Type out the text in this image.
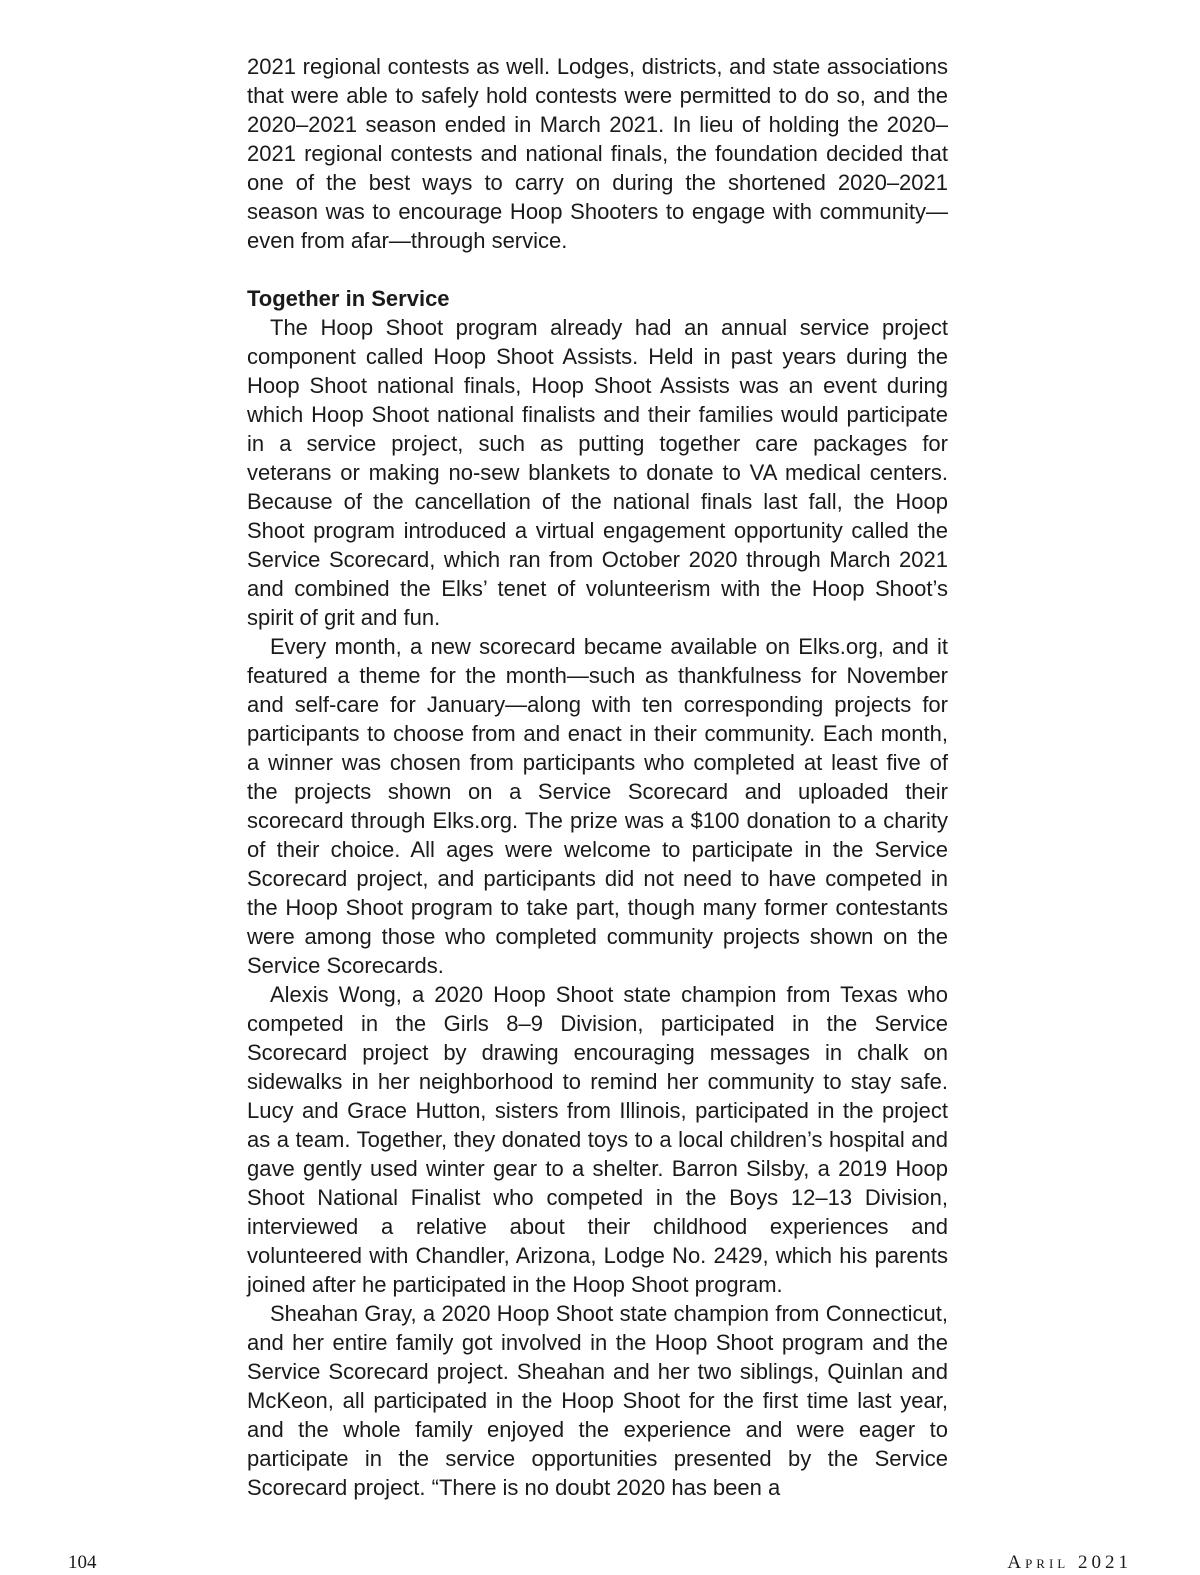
2021 regional contests as well. Lodges, districts, and state associations that were able to safely hold contests were permitted to do so, and the 2020–2021 season ended in March 2021. In lieu of holding the 2020–2021 regional contests and national finals, the foundation decided that one of the best ways to carry on during the shortened 2020–2021 season was to encourage Hoop Shooters to engage with community—even from afar—through service.

Together in Service

The Hoop Shoot program already had an annual service project component called Hoop Shoot Assists. Held in past years during the Hoop Shoot national finals, Hoop Shoot Assists was an event during which Hoop Shoot national finalists and their families would participate in a service project, such as putting together care packages for veterans or making no-sew blankets to donate to VA medical centers. Because of the cancellation of the national finals last fall, the Hoop Shoot program introduced a virtual engagement opportunity called the Service Scorecard, which ran from October 2020 through March 2021 and combined the Elks’ tenet of volunteerism with the Hoop Shoot’s spirit of grit and fun.

Every month, a new scorecard became available on Elks.org, and it featured a theme for the month—such as thankfulness for November and self-care for January—along with ten corresponding projects for participants to choose from and enact in their community. Each month, a winner was chosen from participants who completed at least five of the projects shown on a Service Scorecard and uploaded their scorecard through Elks.org. The prize was a $100 donation to a charity of their choice. All ages were welcome to participate in the Service Scorecard project, and participants did not need to have competed in the Hoop Shoot program to take part, though many former contestants were among those who completed community projects shown on the Service Scorecards.

Alexis Wong, a 2020 Hoop Shoot state champion from Texas who competed in the Girls 8–9 Division, participated in the Service Scorecard project by drawing encouraging messages in chalk on sidewalks in her neighborhood to remind her community to stay safe. Lucy and Grace Hutton, sisters from Illinois, participated in the project as a team. Together, they donated toys to a local children’s hospital and gave gently used winter gear to a shelter. Barron Silsby, a 2019 Hoop Shoot National Finalist who competed in the Boys 12–13 Division, interviewed a relative about their childhood experiences and volunteered with Chandler, Arizona, Lodge No. 2429, which his parents joined after he participated in the Hoop Shoot program.

Sheahan Gray, a 2020 Hoop Shoot state champion from Connecticut, and her entire family got involved in the Hoop Shoot program and the Service Scorecard project. Sheahan and her two siblings, Quinlan and McKeon, all participated in the Hoop Shoot for the first time last year, and the whole family enjoyed the experience and were eager to participate in the service opportunities presented by the Service Scorecard project. “There is no doubt 2020 has been a

104	April 2021
